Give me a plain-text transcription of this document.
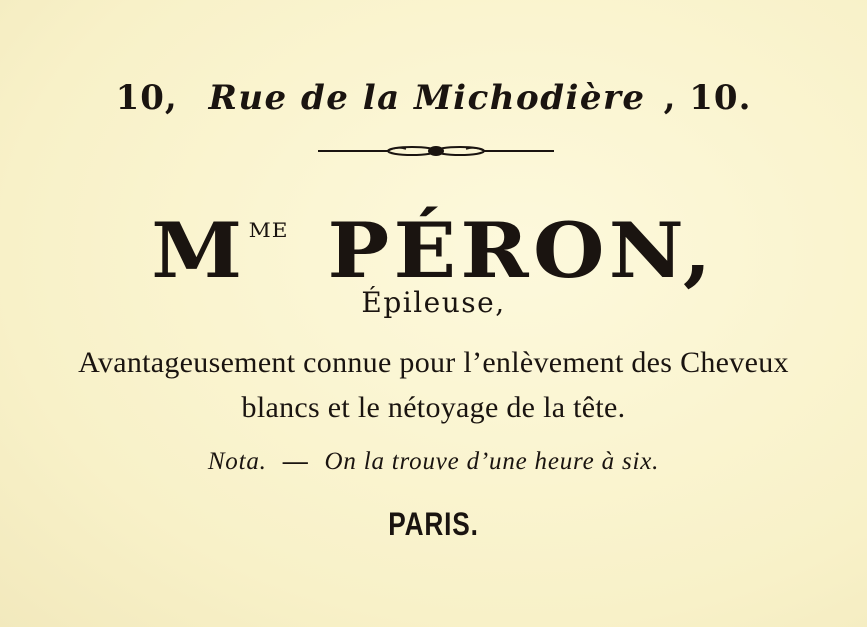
10, Rue de la Michodière , 10.
M $^{ME}$ PÉRON,
Épileuse,
Avantageusement connue pour l’enlèvement des Cheveux
blancs et le nétoyage de la tête.
Nota. — On la trouve d’une heure à six.
PARIS.
